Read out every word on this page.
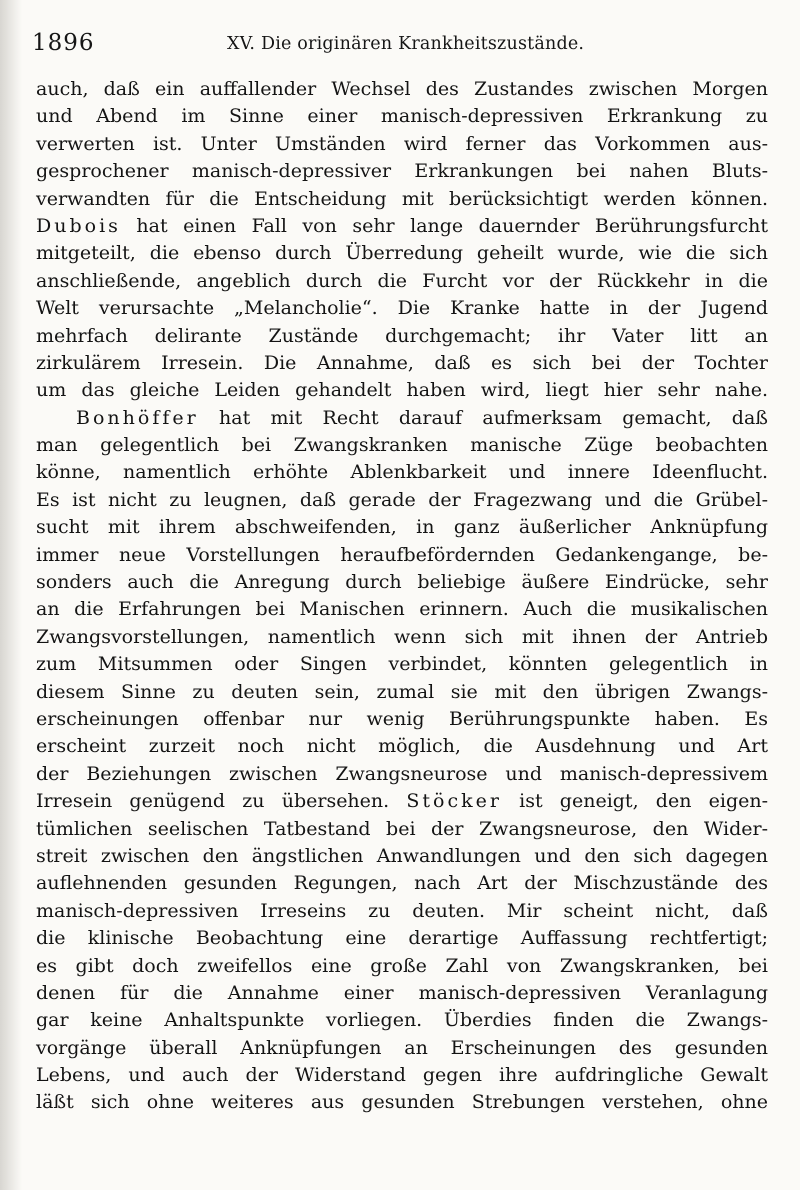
1896	XV. Die originären Krankheitszustände.
auch, daß ein auffallender Wechsel des Zustandes zwischen Morgen
und Abend im Sinne einer manisch-depressiven Erkrankung zu
verwerten ist. Unter Umständen wird ferner das Vorkommen aus-
gesprochener manisch-depressiver Erkrankungen bei nahen Bluts-
verwandten für die Entscheidung mit berücksichtigt werden können.
Dubois hat einen Fall von sehr lange dauernder Berührungsfurcht
mitgeteilt, die ebenso durch Überredung geheilt wurde, wie die sich
anschließende, angeblich durch die Furcht vor der Rückkehr in die
Welt verursachte „Melancholie“. Die Kranke hatte in der Jugend
mehrfach delirante Zustände durchgemacht; ihr Vater litt an
zirkulärem Irresein. Die Annahme, daß es sich bei der Tochter
um das gleiche Leiden gehandelt haben wird, liegt hier sehr nahe.
Bonhöffer hat mit Recht darauf aufmerksam gemacht, daß
man gelegentlich bei Zwangskranken manische Züge beobachten
könne, namentlich erhöhte Ablenkbarkeit und innere Ideenflucht.
Es ist nicht zu leugnen, daß gerade der Fragezwang und die Grübel-
sucht mit ihrem abschweifenden, in ganz äußerlicher Anknüpfung
immer neue Vorstellungen heraufbefördernden Gedankengange, be-
sonders auch die Anregung durch beliebige äußere Eindrücke, sehr
an die Erfahrungen bei Manischen erinnern. Auch die musikalischen
Zwangsvorstellungen, namentlich wenn sich mit ihnen der Antrieb
zum Mitsummen oder Singen verbindet, könnten gelegentlich in
diesem Sinne zu deuten sein, zumal sie mit den übrigen Zwangs-
erscheinungen offenbar nur wenig Berührungspunkte haben. Es
erscheint zurzeit noch nicht möglich, die Ausdehnung und Art
der Beziehungen zwischen Zwangsneurose und manisch-depressivem
Irresein genügend zu übersehen. Stöcker ist geneigt, den eigen-
tümlichen seelischen Tatbestand bei der Zwangsneurose, den Wider-
streit zwischen den ängstlichen Anwandlungen und den sich dagegen
auflehnenden gesunden Regungen, nach Art der Mischzustände des
manisch-depressiven Irreseins zu deuten. Mir scheint nicht, daß
die klinische Beobachtung eine derartige Auffassung rechtfertigt;
es gibt doch zweifellos eine große Zahl von Zwangskranken, bei
denen für die Annahme einer manisch-depressiven Veranlagung
gar keine Anhaltspunkte vorliegen. Überdies finden die Zwangs-
vorgänge überall Anknüpfungen an Erscheinungen des gesunden
Lebens, und auch der Widerstand gegen ihre aufdringliche Gewalt
läßt sich ohne weiteres aus gesunden Strebungen verstehen, ohne
